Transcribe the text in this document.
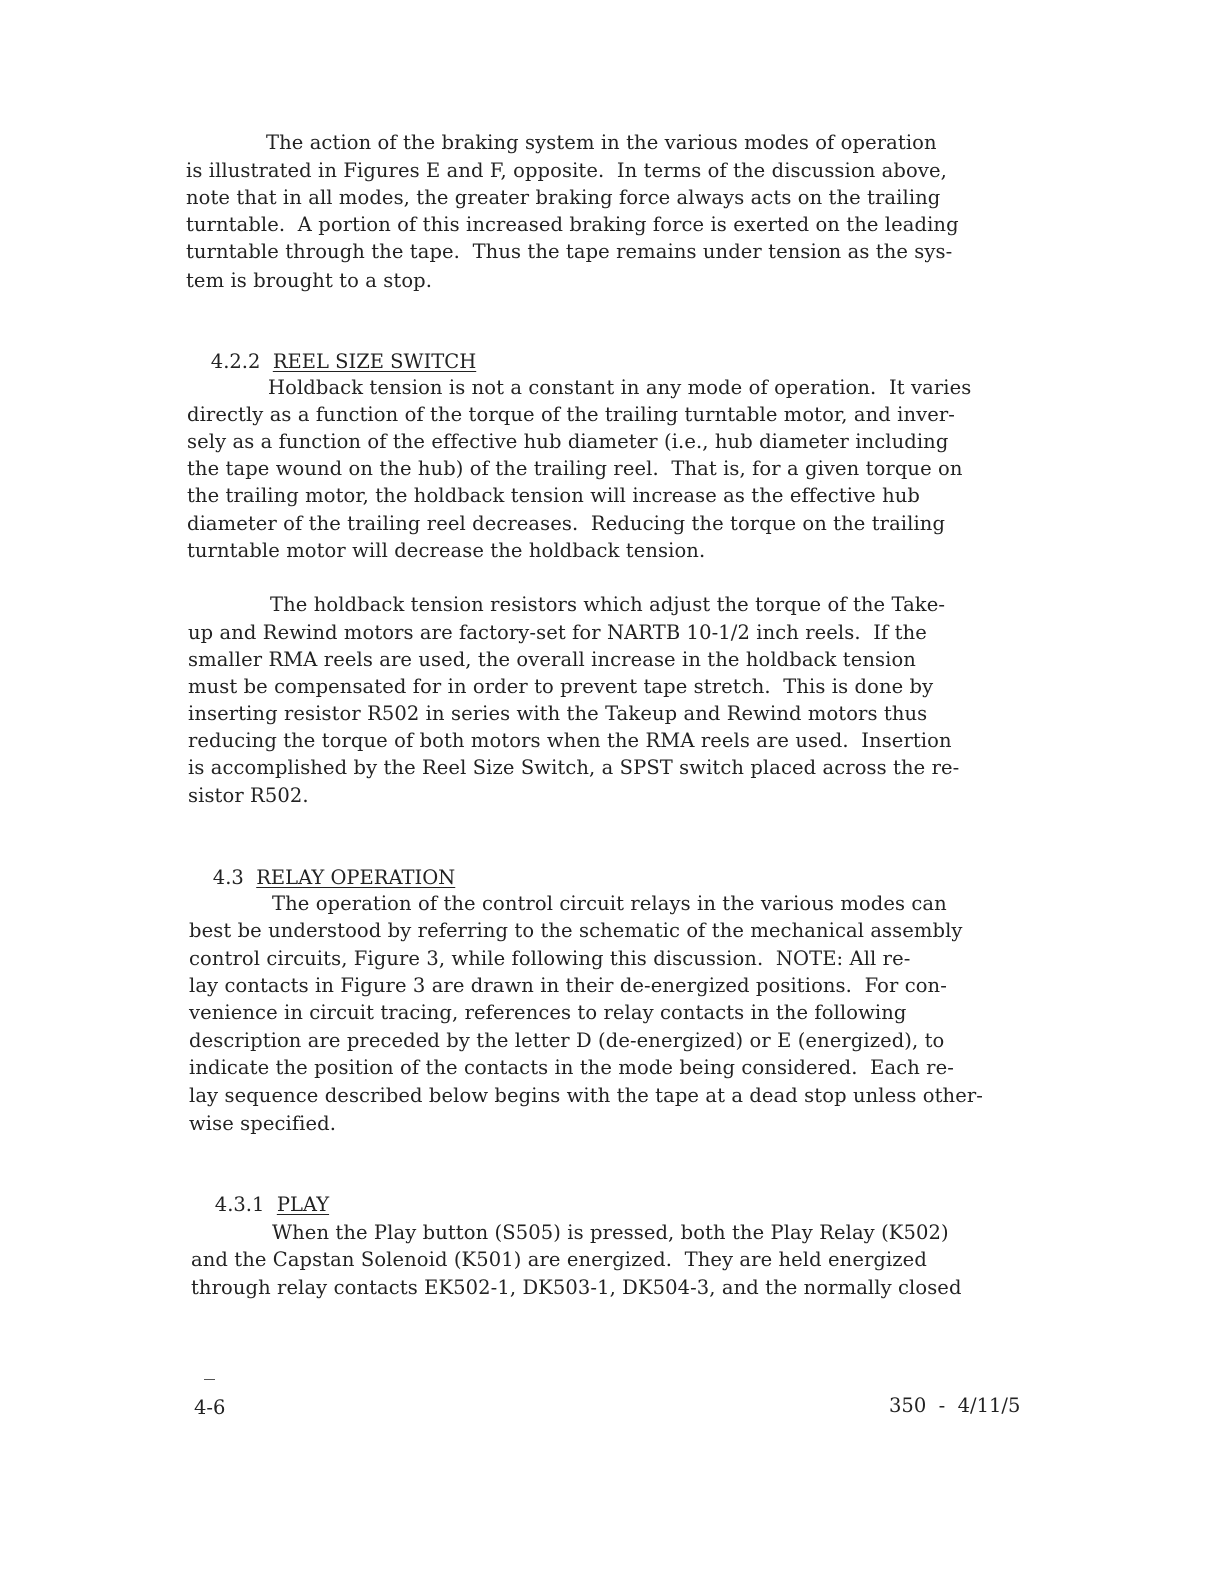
The action of the braking system in the various modes of operation
is illustrated in Figures E and F, opposite.  In terms of the discussion above,
note that in all modes, the greater braking force always acts on the trailing
turntable.  A portion of this increased braking force is exerted on the leading
turntable through the tape.  Thus the tape remains under tension as the sys-
tem is brought to a stop.

4.2.2 REEL SIZE SWITCH

Holdback tension is not a constant in any mode of operation.  It varies
directly as a function of the torque of the trailing turntable motor, and inver-
sely as a function of the effective hub diameter (i.e., hub diameter including
the tape wound on the hub) of the trailing reel.  That is, for a given torque on
the trailing motor, the holdback tension will increase as the effective hub
diameter of the trailing reel decreases.  Reducing the torque on the trailing
turntable motor will decrease the holdback tension.
The holdback tension resistors which adjust the torque of the Take-
up and Rewind motors are factory-set for NARTB 10-1/2 inch reels.  If the
smaller RMA reels are used, the overall increase in the holdback tension
must be compensated for in order to prevent tape stretch.  This is done by
inserting resistor R502 in series with the Takeup and Rewind motors thus
reducing the torque of both motors when the RMA reels are used.  Insertion
is accomplished by the Reel Size Switch, a SPST switch placed across the re-
sistor R502.

4.3 RELAY OPERATION

The operation of the control circuit relays in the various modes can
best be understood by referring to the schematic of the mechanical assembly
control circuits, Figure 3, while following this discussion.  NOTE: All re-
lay contacts in Figure 3 are drawn in their de-energized positions.  For con-
venience in circuit tracing, references to relay contacts in the following
description are preceded by the letter D (de-energized) or E (energized), to
indicate the position of the contacts in the mode being considered.  Each re-
lay sequence described below begins with the tape at a dead stop unless other-
wise specified.

4.3.1 PLAY

When the Play button (S505) is pressed, both the Play Relay (K502)
and the Capstan Solenoid (K501) are energized.  They are held energized
through relay contacts EK502-1, DK503-1, DK504-3, and the normally closed
4-6	350  -  4/11/5
